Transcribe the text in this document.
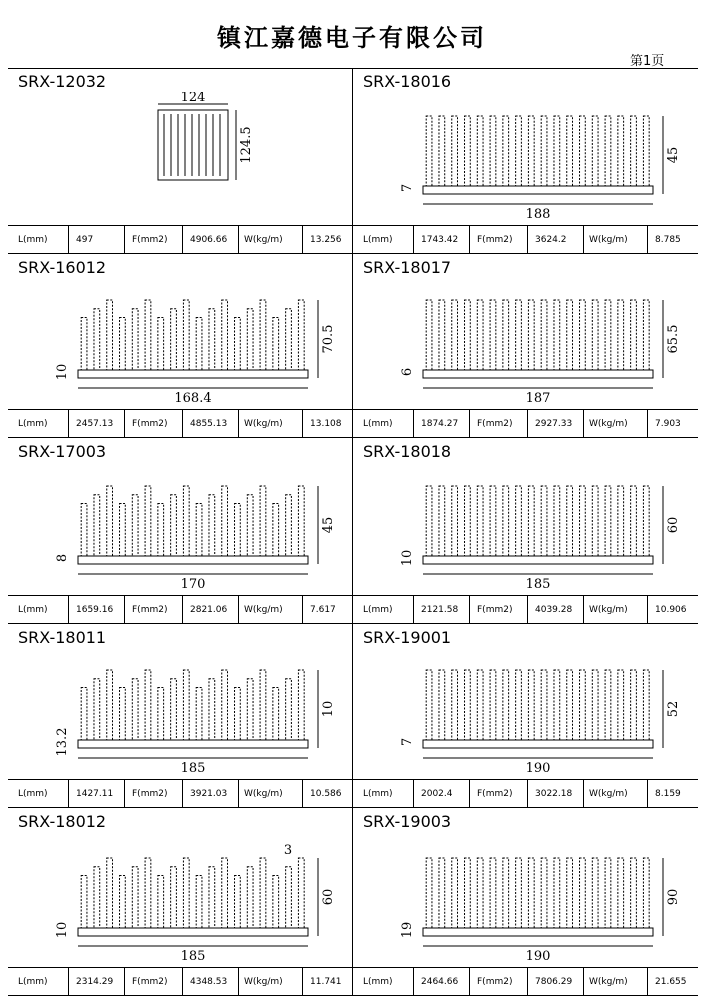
镇江嘉德电子有限公司
第1页
SRX-12032
124
124.5
L(mm)	497	F(mm2)	4906.66 W(kg/m)	13.256
SRX-18016
188
45
7
L(mm)	1743.42 F(mm2)	3624.2	W(kg/m)	8.785
SRX-16012
168.4
70.5
10
L(mm)	2457.13 F(mm2)	4855.13 W(kg/m)	13.108
SRX-18017
187
65.5
6
L(mm)	1874.27 F(mm2)	2927.33 W(kg/m)	7.903
SRX-17003
170
45
8
L(mm)	1659.16 F(mm2)	2821.06 W(kg/m)	7.617
SRX-18018
185
60
10
L(mm)	2121.58 F(mm2)	4039.28 W(kg/m)	10.906
SRX-18011
185
10
13.2
L(mm)	1427.11 F(mm2)	3921.03 W(kg/m)	10.586
SRX-19001
190
52
7
L(mm)	2002.4	F(mm2)	3022.18 W(kg/m)	8.159
SRX-18012
185
60
10
3
L(mm)	2314.29 F(mm2)	4348.53 W(kg/m)	11.741
SRX-19003
190
90
19
L(mm)	2464.66 F(mm2)	7806.29 W(kg/m)	21.655
